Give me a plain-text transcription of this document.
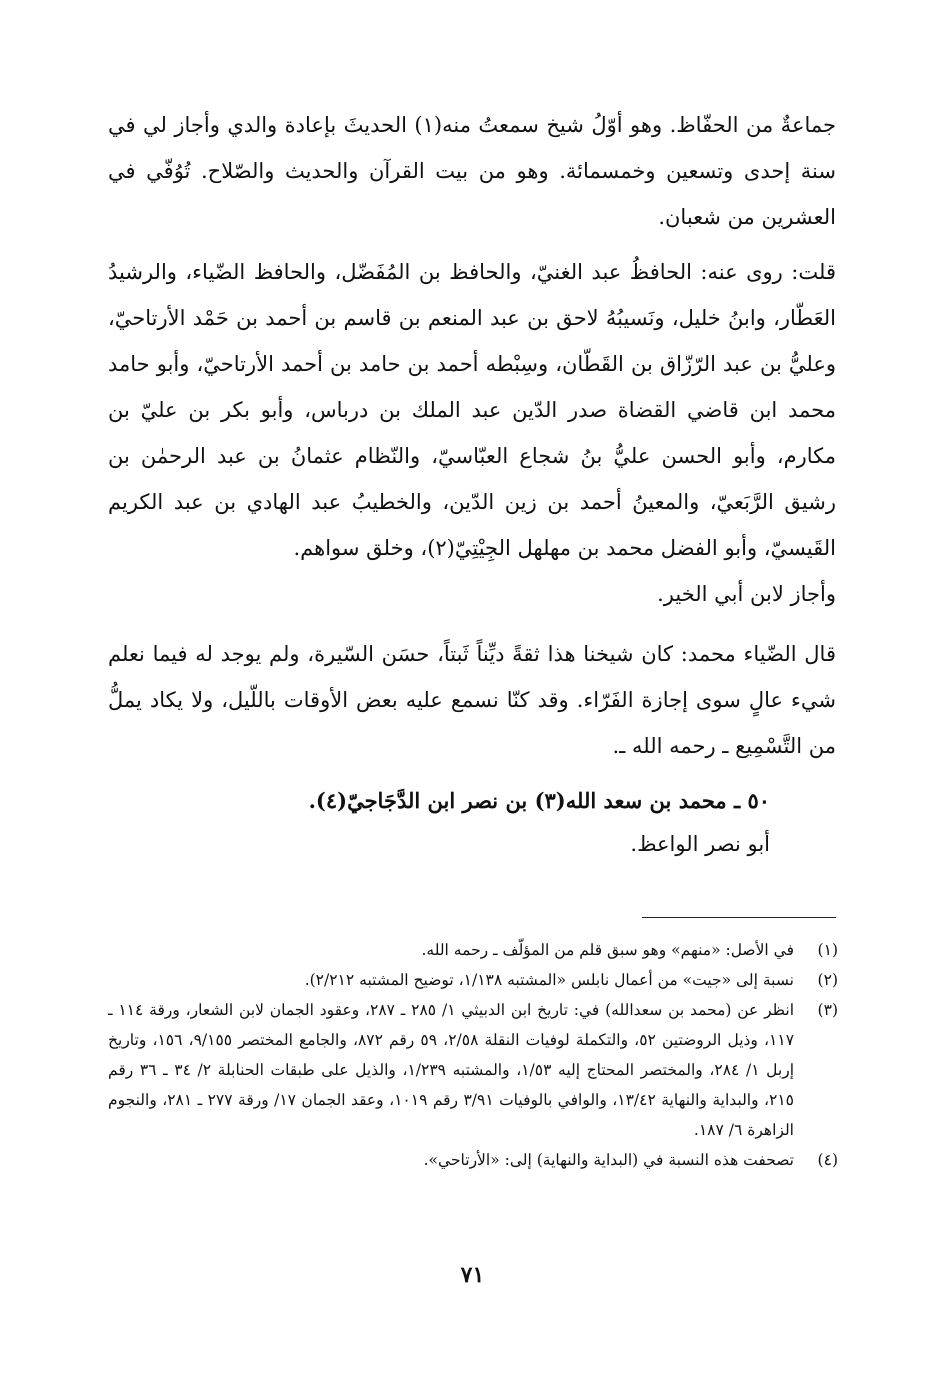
جماعةٌ من الحفّاظ. وهو أوّلُ شيخ سمعتُ منه(١) الحديثَ بإعادة والدي وأجاز لي في سنة إحدى وتسعين وخمسمائة. وهو من بيت القرآن والحديث والصّلاح. تُوُفّي في العشرين من شعبان.

قلت: روى عنه: الحافظُ عبد الغنيّ، والحافظ بن المُفَضّل، والحافظ الضّياء، والرشيدُ العَطّار، وابنُ خليل، ونَسيبُهُ لاحق بن عبد المنعم بن قاسم بن أحمد بن حَمْد الأرتاحيّ، وعليُّ بن عبد الرّزّاق بن القَطّان، وسِبْطه أحمد بن حامد بن أحمد الأرتاحيّ، وأبو حامد محمد ابن قاضي القضاة صدر الدّين عبد الملك بن درباس، وأبو بكر بن عليّ بن مكارم، وأبو الحسن عليُّ بنُ شجاع العبّاسيّ، والنّظام عثمانُ بن عبد الرحمٰن بن رشيق الرَّبَعيّ، والمعينُ أحمد بن زين الدّين، والخطيبُ عبد الهادي بن عبد الكريم القَيسيّ، وأبو الفضل محمد بن مهلهل الجِيْتِيّ(٢)، وخلق سواهم.

وأجاز لابن أبي الخير.

قال الضّياء محمد: كان شيخنا هذا ثقةً ديِّناً ثَبتاً، حسَن السّيرة، ولم يوجد له فيما نعلم شيء عالٍ سوى إجازة الفَرّاء. وقد كنّا نسمع عليه بعض الأوقات باللّيل، ولا يكاد يملُّ من التَّسْمِيع ـ رحمه الله ـ.

٥٠ ـ محمد بن سعد الله(٣) بن نصر ابن الدَّجَاجيّ(٤).
أبو نصر الواعظ.
(١)
في الأصل: «منهم» وهو سبق قلم من المؤلّف ـ رحمه الله.
(٢)
نسبة إلى «جيت» من أعمال نابلس «المشتبه ١/١٣٨، توضيح المشتبه ٢/٢١٢).
(٣)
انظر عن (محمد بن سعدالله) في: تاريخ ابن الدبيثي ١/ ٢٨٥ ـ ٢٨٧، وعقود الجمان لابن الشعار، ورقة ١١٤ ـ ١١٧، وذيل الروضتين ٥٢، والتكملة لوفيات النقلة ٢/٥٨، ٥٩ رقم ٨٧٢، والجامع المختصر ٩/١٥٥، ١٥٦، وتاريخ إربل ١/ ٢٨٤، والمختصر المحتاج إليه ١/٥٣، والمشتبه ١/٢٣٩، والذيل على طبقات الحنابلة ٢/ ٣٤ ـ ٣٦ رقم ٢١٥، والبداية والنهاية ١٣/٤٢، والوافي بالوفيات ٣/٩١ رقم ١٠١٩، وعقد الجمان ١٧/ ورقة ٢٧٧ ـ ٢٨١، والنجوم الزاهرة ٦/ ١٨٧.
(٤)
تصحفت هذه النسبة في (البداية والنهاية) إلى: «الأرتاحي».
٧١
